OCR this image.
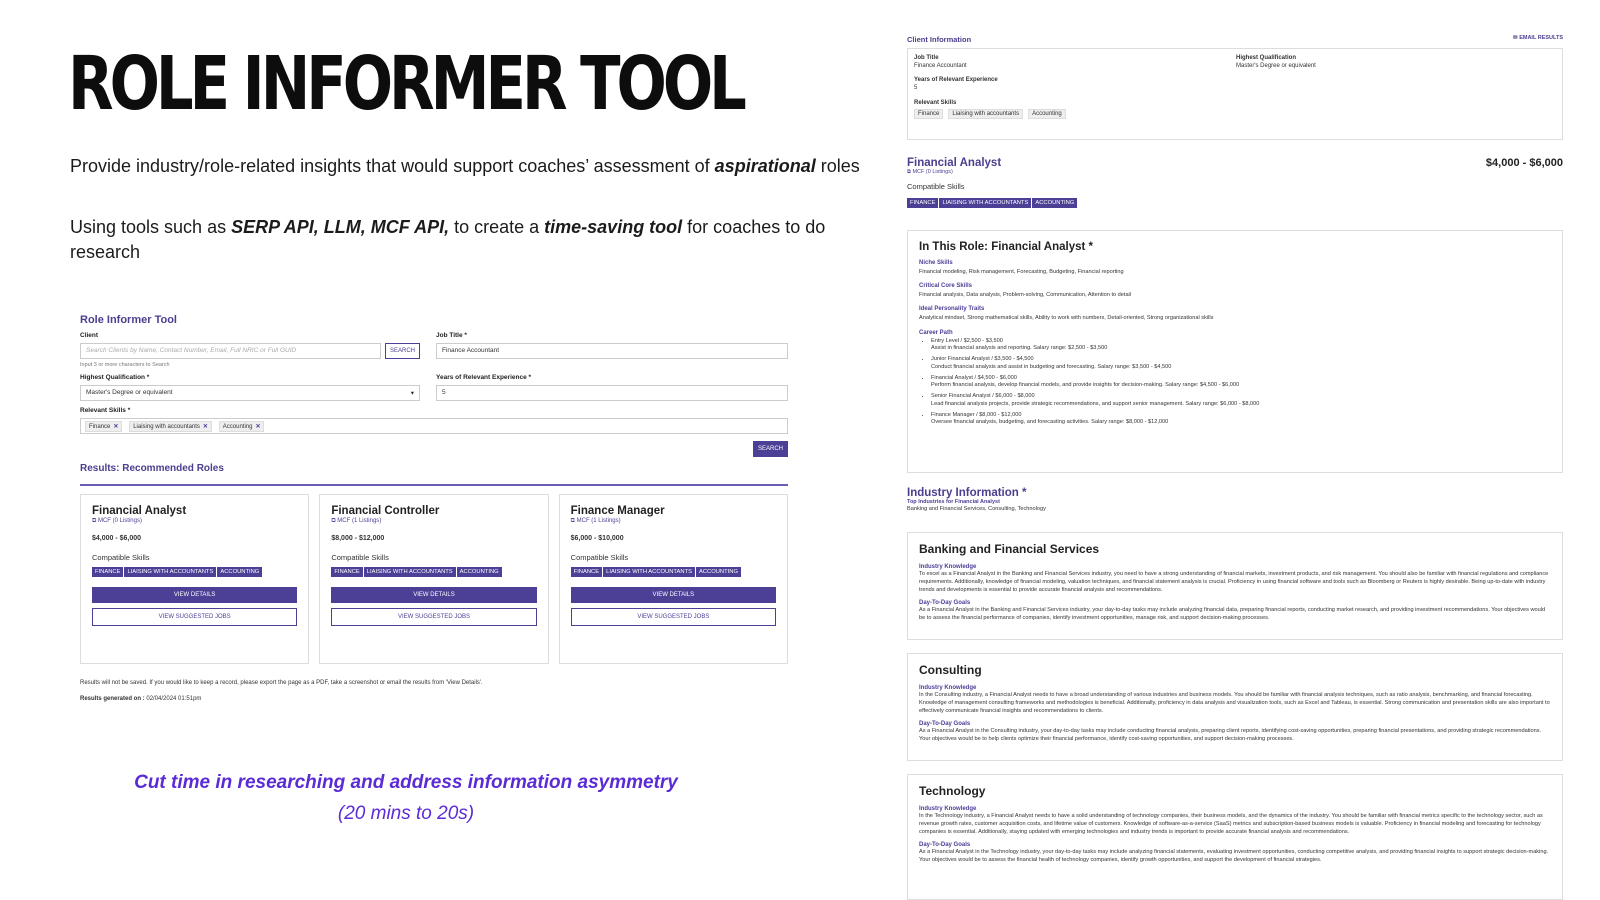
ROLE INFORMER TOOL
Provide industry/role-related insights that would support coaches’ assessment of aspirational roles
Using tools such as SERP API, LLM, MCF API, to create a time-saving tool for coaches to do research
Role Informer Tool
Client
Search Clients by Name, Contact Number, Email, Full NRIC or Full GUID	SEARCH
Input 3 or more characters to Search
Job Title *
Finance Accountant
Highest Qualification *
Master's Degree or equivalent	▾
Years of Relevant Experience *
5
Relevant Skills *
Finance ✕ Liaising with accountants ✕ Accounting ✕
SEARCH
Results: Recommended Roles
Financial Analyst
⧉ MCF (0 Listings)
$4,000 - $6,000
Compatible Skills
FINANCE LIAISING WITH ACCOUNTANTS ACCOUNTING
VIEW DETAILS
VIEW SUGGESTED JOBS
Financial Controller
⧉ MCF (1 Listings)
$8,000 - $12,000
Compatible Skills
FINANCE LIAISING WITH ACCOUNTANTS ACCOUNTING
VIEW DETAILS
VIEW SUGGESTED JOBS
Finance Manager
⧉ MCF (1 Listings)
$6,000 - $10,000
Compatible Skills
FINANCE LIAISING WITH ACCOUNTANTS ACCOUNTING
VIEW DETAILS
VIEW SUGGESTED JOBS
Results will not be saved. If you would like to keep a record, please export the page as a PDF, take a screenshot or email the results from 'View Details'.
Results generated on : 02/04/2024 01:51pm
Cut time in researching and address information asymmetry
(20 mins to 20s)
Client Information	✉ EMAIL RESULTS
Job Title
Finance Accountant
Highest Qualification
Master's Degree or equivalent
Years of Relevant Experience
5
Relevant Skills
Finance Liaising with accountants Accounting
Financial Analyst	$4,000 - $6,000
⧉ MCF (0 Listings)
Compatible Skills
FINANCE LIAISING WITH ACCOUNTANTS ACCOUNTING
In This Role: Financial Analyst *
Niche Skills
Financial modeling, Risk management, Forecasting, Budgeting, Financial reporting
Critical Core Skills
Financial analysis, Data analysis, Problem-solving, Communication, Attention to detail
Ideal Personality Traits
Analytical mindset, Strong mathematical skills, Ability to work with numbers, Detail-oriented, Strong organizational skills
Career Path
• Entry Level / $2,500 - $3,500
Assist in financial analysis and reporting. Salary range: $2,500 - $3,500
• Junior Financial Analyst / $3,500 - $4,500
Conduct financial analysis and assist in budgeting and forecasting. Salary range: $3,500 - $4,500
• Financial Analyst / $4,500 - $6,000
Perform financial analysis, develop financial models, and provide insights for decision-making. Salary range: $4,500 - $6,000
• Senior Financial Analyst / $6,000 - $8,000
Lead financial analysis projects, provide strategic recommendations, and support senior management. Salary range: $6,000 - $8,000
• Finance Manager / $8,000 - $12,000
Oversee financial analysis, budgeting, and forecasting activities. Salary range: $8,000 - $12,000
Industry Information *
Top Industries for Financial Analyst
Banking and Financial Services, Consulting, Technology
Banking and Financial Services
Industry Knowledge
To excel as a Financial Analyst in the Banking and Financial Services industry, you need to have a strong understanding of financial markets, investment products, and risk management. You should also be familiar with financial regulations and compliance requirements. Additionally, knowledge of financial modeling, valuation techniques, and financial statement analysis is crucial. Proficiency in using financial software and tools such as Bloomberg or Reuters is highly desirable. Being up-to-date with industry trends and developments is essential to provide accurate financial analysis and recommendations.
Day-To-Day Goals
As a Financial Analyst in the Banking and Financial Services industry, your day-to-day tasks may include analyzing financial data, preparing financial reports, conducting market research, and providing investment recommendations. Your objectives would be to assess the financial performance of companies, identify investment opportunities, manage risk, and support decision-making processes.
Consulting
Industry Knowledge
In the Consulting industry, a Financial Analyst needs to have a broad understanding of various industries and business models. You should be familiar with financial analysis techniques, such as ratio analysis, benchmarking, and financial forecasting. Knowledge of management consulting frameworks and methodologies is beneficial. Additionally, proficiency in data analysis and visualization tools, such as Excel and Tableau, is essential. Strong communication and presentation skills are also important to effectively communicate financial insights and recommendations to clients.
Day-To-Day Goals
As a Financial Analyst in the Consulting industry, your day-to-day tasks may include conducting financial analysis, preparing client reports, identifying cost-saving opportunities, preparing financial presentations, and providing strategic recommendations. Your objectives would be to help clients optimize their financial performance, identify cost-saving opportunities, and support decision-making processes.
Technology
Industry Knowledge
In the Technology industry, a Financial Analyst needs to have a solid understanding of technology companies, their business models, and the dynamics of the industry. You should be familiar with financial metrics specific to the technology sector, such as revenue growth rates, customer acquisition costs, and lifetime value of customers. Knowledge of software-as-a-service (SaaS) metrics and subscription-based business models is valuable. Proficiency in financial modeling and forecasting for technology companies is essential. Additionally, staying updated with emerging technologies and industry trends is important to provide accurate financial analysis and recommendations.
Day-To-Day Goals
As a Financial Analyst in the Technology industry, your day-to-day tasks may include analyzing financial statements, evaluating investment opportunities, conducting competitive analysis, and providing financial insights to support strategic decision-making. Your objectives would be to assess the financial health of technology companies, identify growth opportunities, and support the development of financial strategies.
